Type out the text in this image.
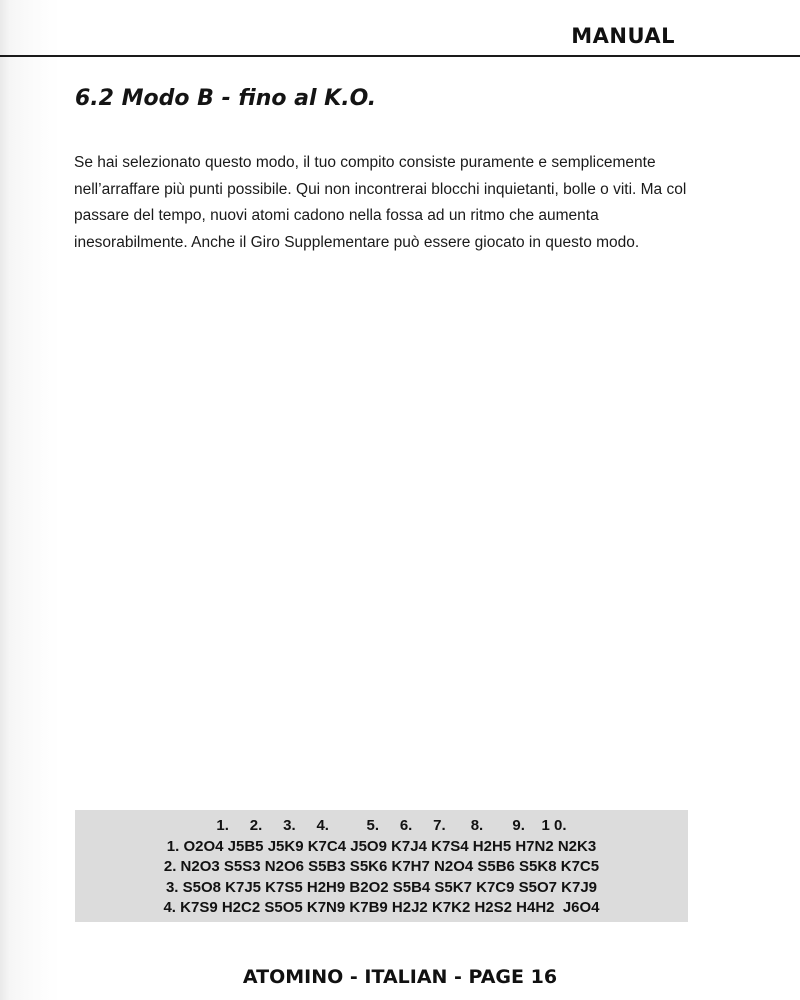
MANUAL
6.2 Modo B - fino al K.O.

Se hai selezionato questo modo, il tuo compito consiste puramente e semplicemente nell’arraffare più punti possibile. Qui non incontrerai blocchi inquietanti, bolle o viti. Ma col passare del tempo, nuovi atomi cadono nella fossa ad un ritmo che aumenta inesorabilmente. Anche il Giro Supplementare può essere giocato in questo modo.

1.     2.     3.     4.         5.     6.     7.      8.       9.    1 0.
1. O2O4 J5B5 J5K9 K7C4 J5O9 K7J4 K7S4 H2H5 H7N2 N2K3
2. N2O3 S5S3 N2O6 S5B3 S5K6 K7H7 N2O4 S5B6 S5K8 K7C5
3. S5O8 K7J5 K7S5 H2H9 B2O2 S5B4 S5K7 K7C9 S5O7 K7J9
4. K7S9 H2C2 S5O5 K7N9 K7B9 H2J2 K7K2 H2S2 H4H2  J6O4
ATOMINO - ITALIAN - PAGE 16
